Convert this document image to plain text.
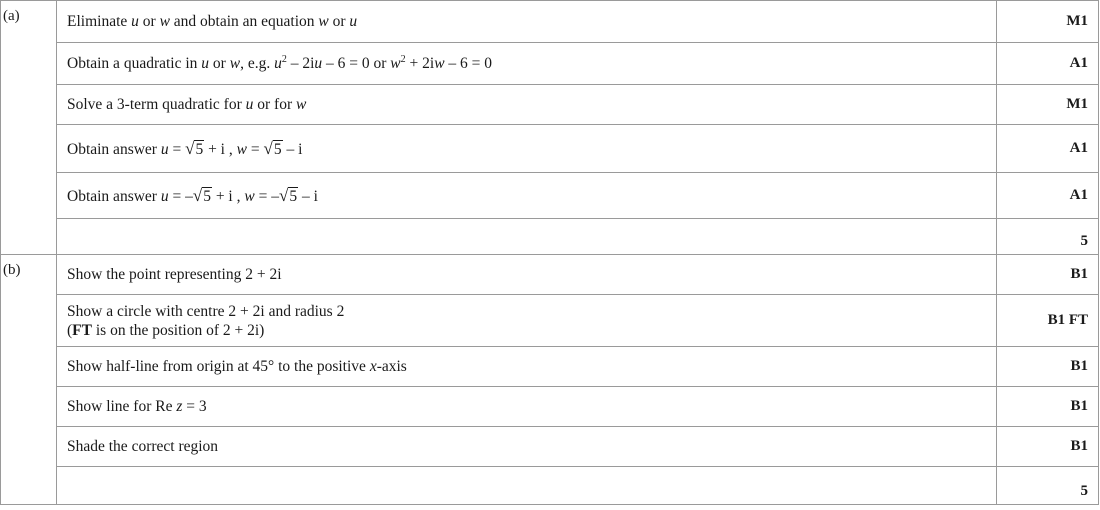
(a)	Eliminate u or w and obtain an equation w or u	M1

	Obtain a quadratic in u or w, e.g. $u^2 - 2iu - 6 = 0$ or $w^2 + 2iw - 6 = 0$	A1

	Solve a 3-term quadratic for u or for w	M1

	Obtain answer u = √5 + i , w = √5 – i	A1

	Obtain answer u = –√5 + i , w = –√5 – i	A1
		5
(b)	Show the point representing 2 + 2i	B1

	Show a circle with centre 2 + 2i and radius 2
(FT is on the position of 2 + 2i)	B1 FT

	Show half-line from origin at 45° to the positive x-axis	B1

	Show line for Re z = 3	B1

	Shade the correct region	B1
		5
